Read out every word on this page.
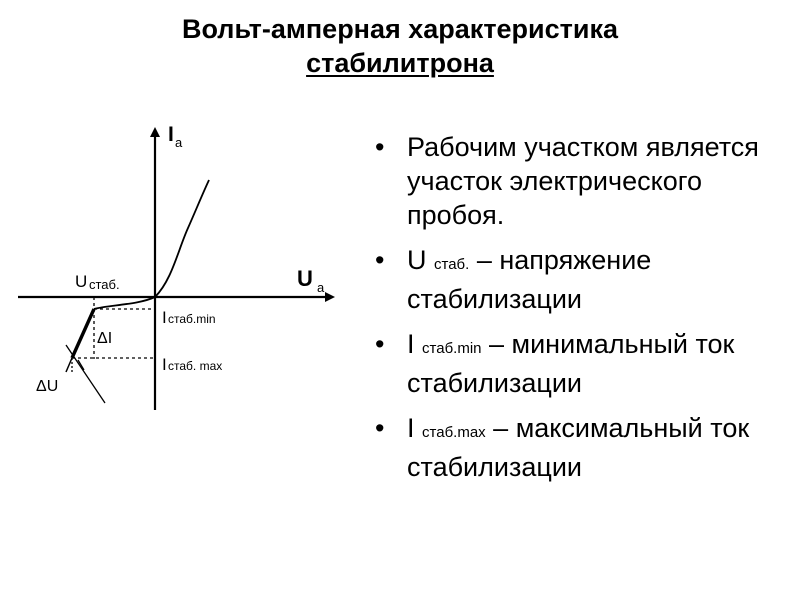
Вольт-амперная характеристика
стабилитрона
I a
U a
U стаб.
I стаб.min
I стаб. max
ΔI
ΔU
• Рабочим участком является участок электрического пробоя.
• U стаб. – напряжение стабилизации
• I стаб.min – минимальный ток стабилизации
• I стаб.max – максимальный ток стабилизации
